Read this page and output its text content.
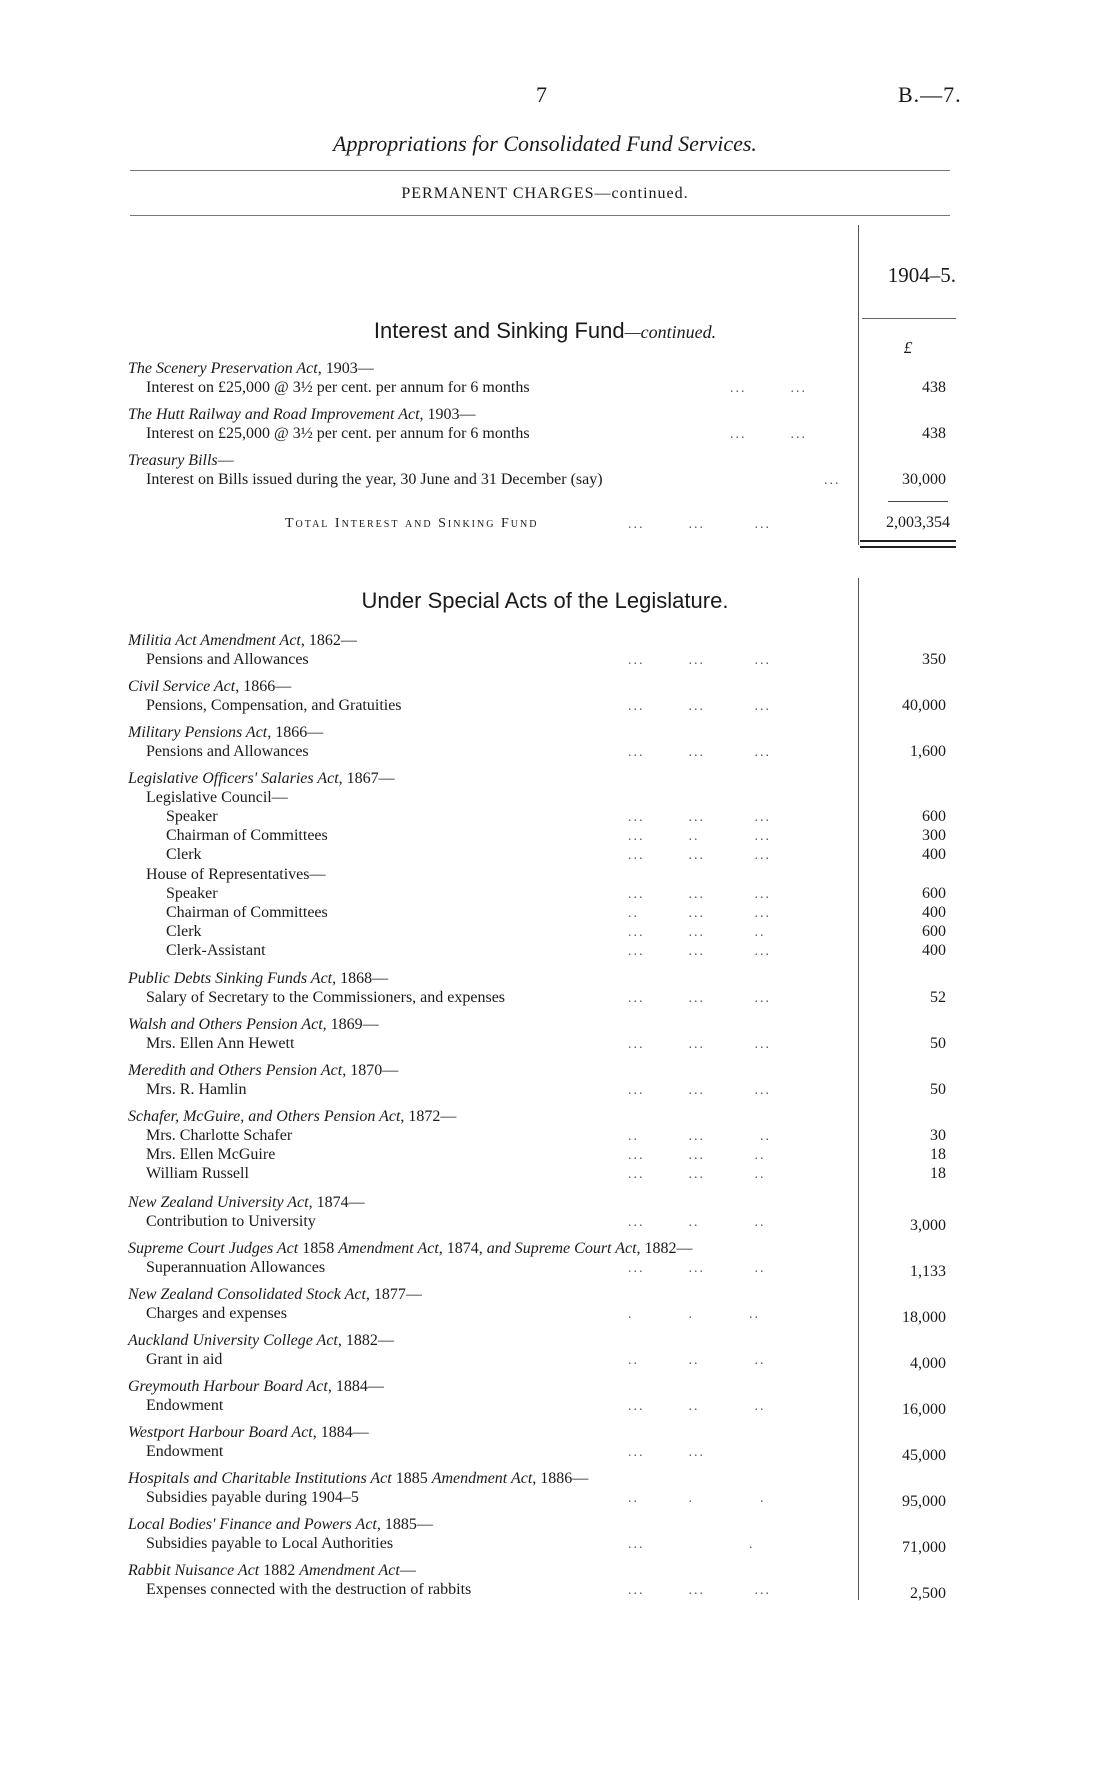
7	B.—7.
Appropriations for Consolidated Fund Services.
PERMANENT CHARGES—continued.
1904–5.
£
Interest and Sinking Fund—continued.
The Scenery Preservation Act, 1903—
Interest on £25,000 @ 3½ per cent. per annum for 6 months	...        ...	438
The Hutt Railway and Road Improvement Act, 1903—
Interest on £25,000 @ 3½ per cent. per annum for 6 months	...        ...	438
Treasury Bills—
Interest on Bills issued during the year, 30 June and 31 December (say)	...	30,000
Total Interest and Sinking Fund	...        ...         ...	2,003,354
Under Special Acts of the Legislature.
Militia Act Amendment Act, 1862—
Pensions and Allowances	...        ...         ...	350
Civil Service Act, 1866—
Pensions, Compensation, and Gratuities	...        ...         ...	40,000
Military Pensions Act, 1866—
Pensions and Allowances	...        ...         ...	1,600
Legislative Officers' Salaries Act, 1867—
Legislative Council—
Speaker	...        ...         ...	600
Chairman of Committees	...        ..          ...	300
Clerk	...        ...         ...	400
House of Representatives—
Speaker	...        ...         ...	600
Chairman of Committees	..         ...         ...	400
Clerk	...        ...         ..	600
Clerk-Assistant	...        ...         ...	400
Public Debts Sinking Funds Act, 1868—
Salary of Secretary to the Commissioners, and expenses	...        ...         ...	52
Walsh and Others Pension Act, 1869—
Mrs. Ellen Ann Hewett	...        ...         ...	50
Meredith and Others Pension Act, 1870—
Mrs. R. Hamlin	...        ...         ...	50
Schafer, McGuire, and Others Pension Act, 1872—
Mrs. Charlotte Schafer	..         ...          ..	30
Mrs. Ellen McGuire	...        ...         ..	18
William Russell	...        ...         ..	18
New Zealand University Act, 1874—
Contribution to University	...        ..          ..	3,000
Supreme Court Judges Act 1858 Amendment Act, 1874, and Supreme Court Act, 1882—
Superannuation Allowances	...        ...         ..	1,133
New Zealand Consolidated Stock Act, 1877—
Charges and expenses	.          .          ..	18,000
Auckland University College Act, 1882—
Grant in aid	..         ..          ..	4,000
Greymouth Harbour Board Act, 1884—
Endowment	...        ..          ..	16,000
Westport Harbour Board Act, 1884—
Endowment	...        ...	45,000
Hospitals and Charitable Institutions Act 1885 Amendment Act, 1886—
Subsidies payable during 1904–5	..         .            .	95,000
Local Bodies' Finance and Powers Act, 1885—
Subsidies payable to Local Authorities	...                   .	71,000
Rabbit Nuisance Act 1882 Amendment Act—
Expenses connected with the destruction of rabbits	...        ...         ...	2,500
